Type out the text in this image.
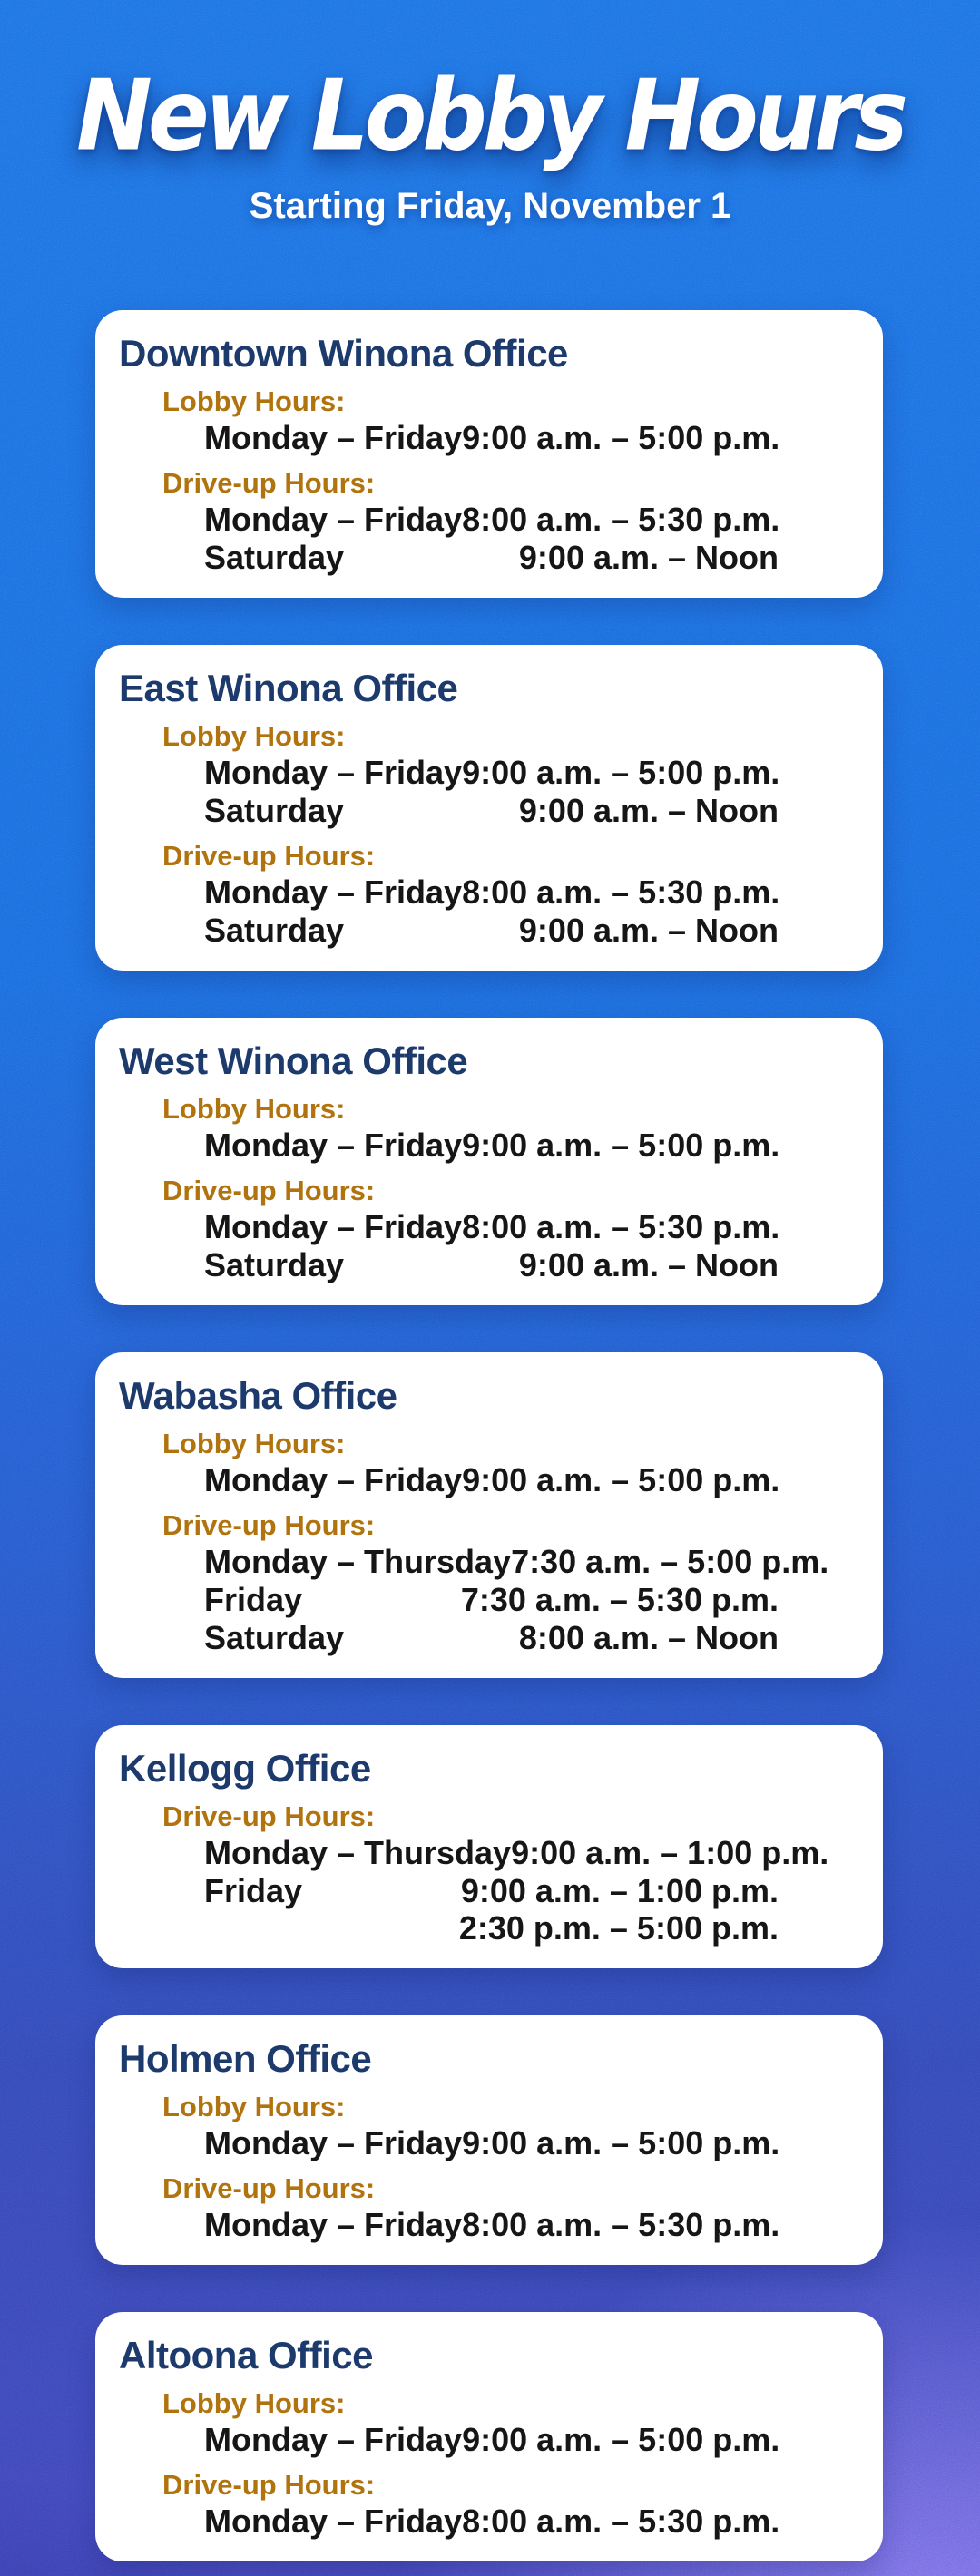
New Lobby Hours
Starting Friday, November 1
Downtown Winona Office
Lobby Hours:
Monday – Friday 9:00 a.m. – 5:00 p.m.
Drive-up Hours:
Monday – Friday 8:00 a.m. – 5:30 p.m.
Saturday	9:00 a.m. – Noon
East Winona Office
Lobby Hours:
Monday – Friday 9:00 a.m. – 5:00 p.m.
Saturday	9:00 a.m. – Noon
Drive-up Hours:
Monday – Friday 8:00 a.m. – 5:30 p.m.
Saturday	9:00 a.m. – Noon
West Winona Office
Lobby Hours:
Monday – Friday 9:00 a.m. – 5:00 p.m.
Drive-up Hours:
Monday – Friday 8:00 a.m. – 5:30 p.m.
Saturday	9:00 a.m. – Noon
Wabasha Office
Lobby Hours:
Monday – Friday 9:00 a.m. – 5:00 p.m.
Drive-up Hours:
Monday – Thursday 7:30 a.m. – 5:00 p.m.
Friday	7:30 a.m. – 5:30 p.m.
Saturday	8:00 a.m. – Noon
Kellogg Office
Drive-up Hours:
Monday – Thursday 9:00 a.m. – 1:00 p.m.
Friday	9:00 a.m. – 1:00 p.m.
2:30 p.m. – 5:00 p.m.
Holmen Office
Lobby Hours:
Monday – Friday 9:00 a.m. – 5:00 p.m.
Drive-up Hours:
Monday – Friday 8:00 a.m. – 5:30 p.m.
Altoona Office
Lobby Hours:
Monday – Friday 9:00 a.m. – 5:00 p.m.
Drive-up Hours:
Monday – Friday 8:00 a.m. – 5:30 p.m.
